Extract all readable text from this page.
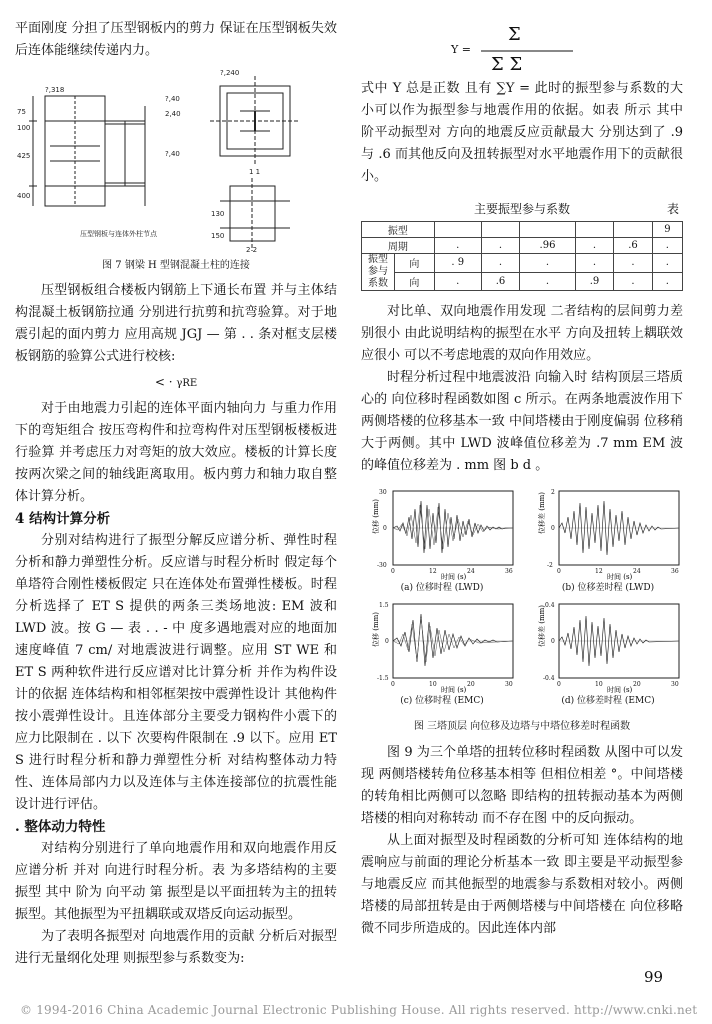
平面刚度 分担了压型钢板内的剪力 保证在压型钢板失效后连体能继续传递内力。

?,240
?,318
?,40
2,40
?,40
1 1
2 2
75
100
425
400
130
150
压型钢板与连体外柱节点

图 7 钢梁 H 型钢混凝土柱的连接

压型钢板组合楼板内钢筋上下通长布置 并与主体结构混凝土板钢筋拉通 分别进行抗剪和抗弯验算。对于地震引起的面内剪力 应用高规 JGJ — 第 . . 条对框支层楼板钢筋的验算公式进行校核:

< · γRE

对于由地震力引起的连体平面内轴向力 与重力作用下的弯矩组合 按压弯构件和拉弯构件对压型钢板楼板进行验算 并考虑压力对弯矩的放大效应。楼板的计算长度按两次梁之间的轴线距离取用。板内剪力和轴力取自整体计算分析。

4 结构计算分析

分别对结构进行了振型分解反应谱分析、弹性时程分析和静力弹塑性分析。反应谱与时程分析时 假定每个单塔符合刚性楼板假定 只在连体处布置弹性楼板。时程分析选择了 ET S 提供的两条三类场地波: EM 波和 LWD 波。按 G — 表 . . - 中 度多遇地震对应的地面加速度峰值 7 cm/ 对地震波进行调整。应用 ST WE 和 ET S 两种软件进行反应谱对比计算分析 并作为构件设计的依据 连体结构和相邻框架按中震弹性设计 其他构件按小震弹性设计。且连体部分主要受力钢构件小震下的应力比限制在 . 以下 次要构件限制在 .9 以下。应用 ET S 进行时程分析和静力弹塑性分析 对结构整体动力特性、连体局部内力以及连体与主体连接部位的抗震性能设计进行评估。

. 整体动力特性

对结构分别进行了单向地震作用和双向地震作用反应谱分析 并对 向进行时程分析。表 为多塔结构的主要振型 其中 阶为 向平动 第 振型是以平面扭转为主的扭转振型。其他振型为平扭耦联或双塔反向运动振型。

为了表明各振型对 向地震作用的贡献 分析后对振型进行无量纲化处理 则振型参与系数变为:

Y =
Σ
Σ Σ

式中 Y 总是正数 且有 ∑Y = 此时的振型参与系数的大小可以作为振型参与地震作用的依据。如表 所示 其中 阶平动振型对 方向的地震反应贡献最大 分别达到了 .9 与 .6 而其他反向及扭转振型对水平地震作用下的贡献很小。

主要振型参与系数	表
振型							9
周期		.	.	.96	.	.6	.
振型参与系数	向	. 9	.	.	.	.	.
	向	.	.6	.	.9	.	.

对比单、双向地震作用发现 二者结构的层间剪力差别很小 由此说明结构的振型在水平 方向及扭转上耦联效应很小 可以不考虑地震的双向作用效应。

时程分析过程中地震波沿 向输入时 结构顶层三塔质心的 向位移时程函数如图 c 所示。在两条地震波作用下 两侧塔楼的位移基本一致 中间塔楼由于刚度偏弱 位移稍大于两侧。其中 LWD 波峰值位移差为 .7 mm EM 波的峰值位移差为 . mm 图 b d 。

位移 (mm)
时间 (s)
30
0
-30
0	12	24	36
(a) 位移时程 (LWD)
位移差 (mm)
时间 (s)
2
0
-2
0	12	24	36
(b) 位移差时程 (LWD)
位移 (mm)
时间 (s)
1.5
0
-1.5
0	10	20	30
(c) 位移时程 (EMC)
位移差 (mm)
时间 (s)
0.4
0
-0.4
0	10	20	30
(d) 位移差时程 (EMC)

图 三塔顶层 向位移及边塔与中塔位移差时程函数

图 9 为三个单塔的扭转位移时程函数 从图中可以发现 两侧塔楼转角位移基本相等 但相位相差 °。中间塔楼的转角相比两侧可以忽略 即结构的扭转振动基本为两侧塔楼的相向对称转动 而不存在图 中的反向振动。

从上面对振型及时程函数的分析可知 连体结构的地震响应与前面的理论分析基本一致 即主要是平动振型参与地震反应 而其他振型的地震参与系数相对较小。两侧塔楼的局部扭转是由于两侧塔楼与中间塔楼在 向位移略微不同步所造成的。因此连体内部

99
© 1994-2016 China Academic Journal Electronic Publishing House. All rights reserved. http://www.cnki.net
